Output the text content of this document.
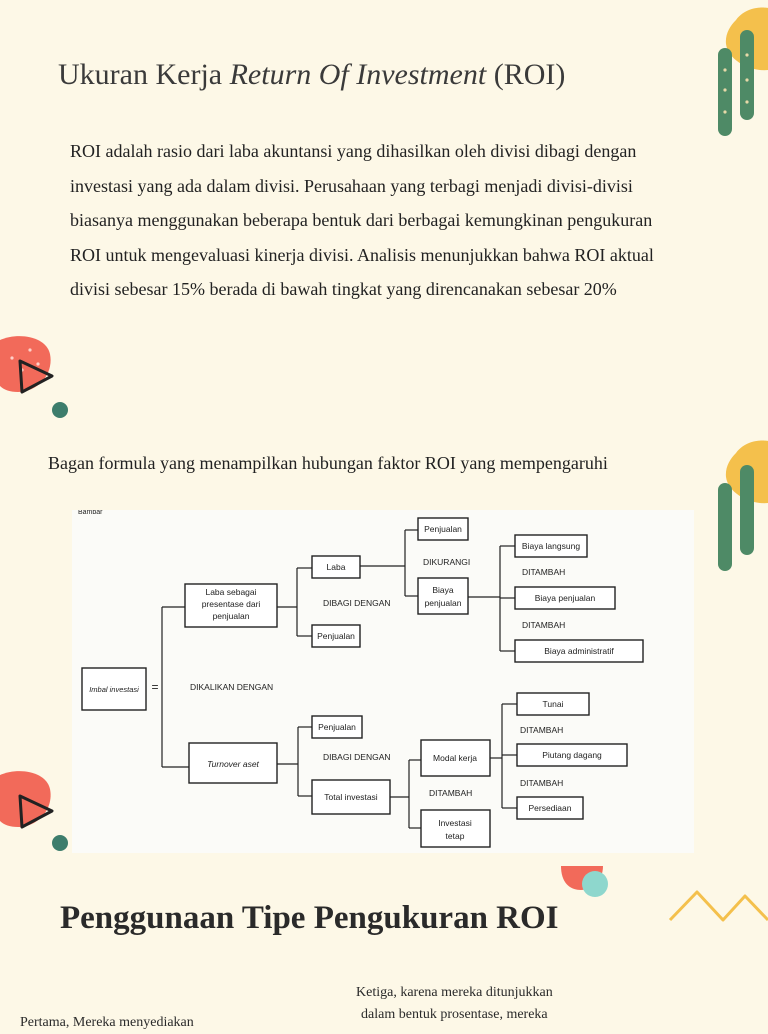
Ukuran Kerja Return Of Investment (ROI)
ROI adalah rasio dari laba akuntansi yang dihasilkan oleh divisi dibagi dengan
investasi yang ada dalam divisi. Perusahaan yang terbagi menjadi divisi-divisi
biasanya menggunakan beberapa bentuk dari berbagai kemungkinan pengukuran
ROI untuk mengevaluasi kinerja divisi. Analisis menunjukkan bahwa ROI aktual
divisi sebesar 15% berada di bawah tingkat yang direncanakan sebesar 20%
Bagan formula yang menampilkan hubungan faktor ROI yang mempengaruhi
Bambar
Imbal investasi =	DIKALIKAN DENGAN
Laba sebagai
presentase dari
penjualan
DIBAGI DENGAN
Laba
Penjualan
Penjualan
DIKURANGI
Biaya
penjualan
Biaya langsung
DITAMBAH
Biaya penjualan
DITAMBAH
Biaya administratif
Turnover aset
Penjualan
DIBAGI DENGAN
Total investasi
Modal kerja
DITAMBAH
Investasi
tetap
Tunai
DITAMBAH
Piutang dagang
DITAMBAH
Persediaan
Penggunaan Tipe Pengukuran ROI
Pertama, Mereka menyediakan
Ketiga, karena mereka ditunjukkan
dalam bentuk prosentase, mereka
